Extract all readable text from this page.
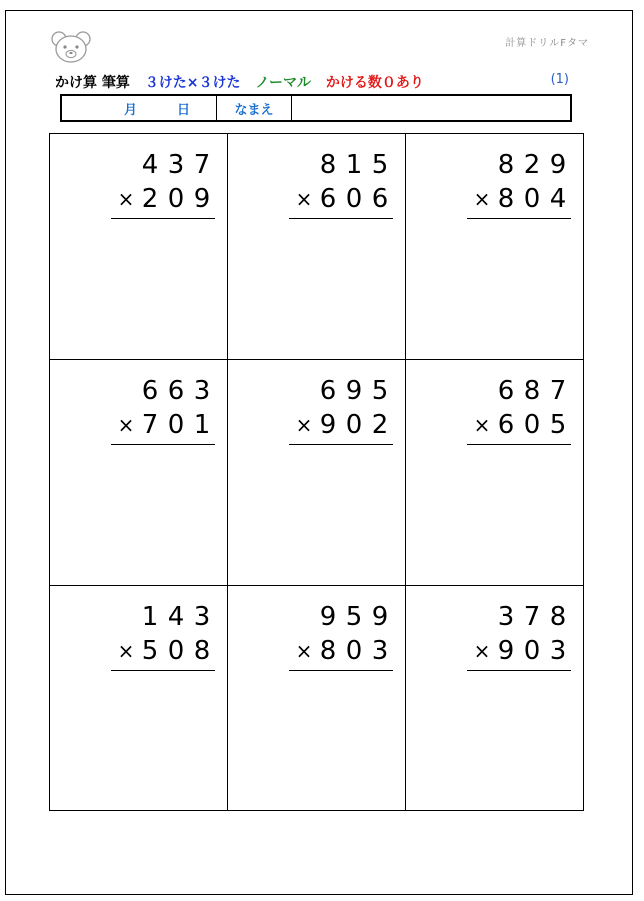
計算ドリルFタマ
かけ算 筆算 ３けた×３けた ノーマル かける数０あり	(1)
月	日	なまえ
4 3 7
× 2 0 9
8 1 5
× 6 0 6
8 2 9
× 8 0 4
6 6 3
× 7 0 1
6 9 5
× 9 0 2
6 8 7
× 6 0 5
1 4 3
× 5 0 8
9 5 9
× 8 0 3
3 7 8
× 9 0 3
